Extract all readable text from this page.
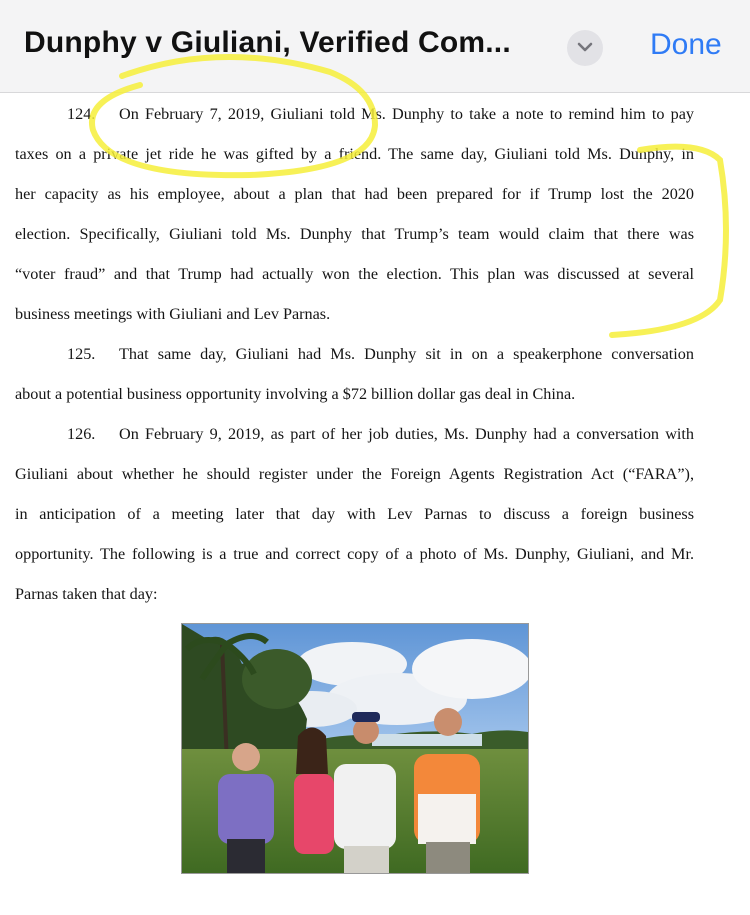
Dunphy v Giuliani, Verified Com...	Done
124. On February 7, 2019, Giuliani told Ms. Dunphy to take a note to remind him to pay
taxes on a private jet ride he was gifted by a friend. The same day, Giuliani told Ms. Dunphy, in
her capacity as his employee, about a plan that had been prepared for if Trump lost the 2020
election. Specifically, Giuliani told Ms. Dunphy that Trump’s team would claim that there was
“voter fraud” and that Trump had actually won the election. This plan was discussed at several
business meetings with Giuliani and Lev Parnas.
125. That same day, Giuliani had Ms. Dunphy sit in on a speakerphone conversation
about a potential business opportunity involving a $72 billion dollar gas deal in China.
126. On February 9, 2019, as part of her job duties, Ms. Dunphy had a conversation with
Giuliani about whether he should register under the Foreign Agents Registration Act (“FARA”),
in anticipation of a meeting later that day with Lev Parnas to discuss a foreign business
opportunity. The following is a true and correct copy of a photo of Ms. Dunphy, Giuliani, and Mr.
Parnas taken that day:
